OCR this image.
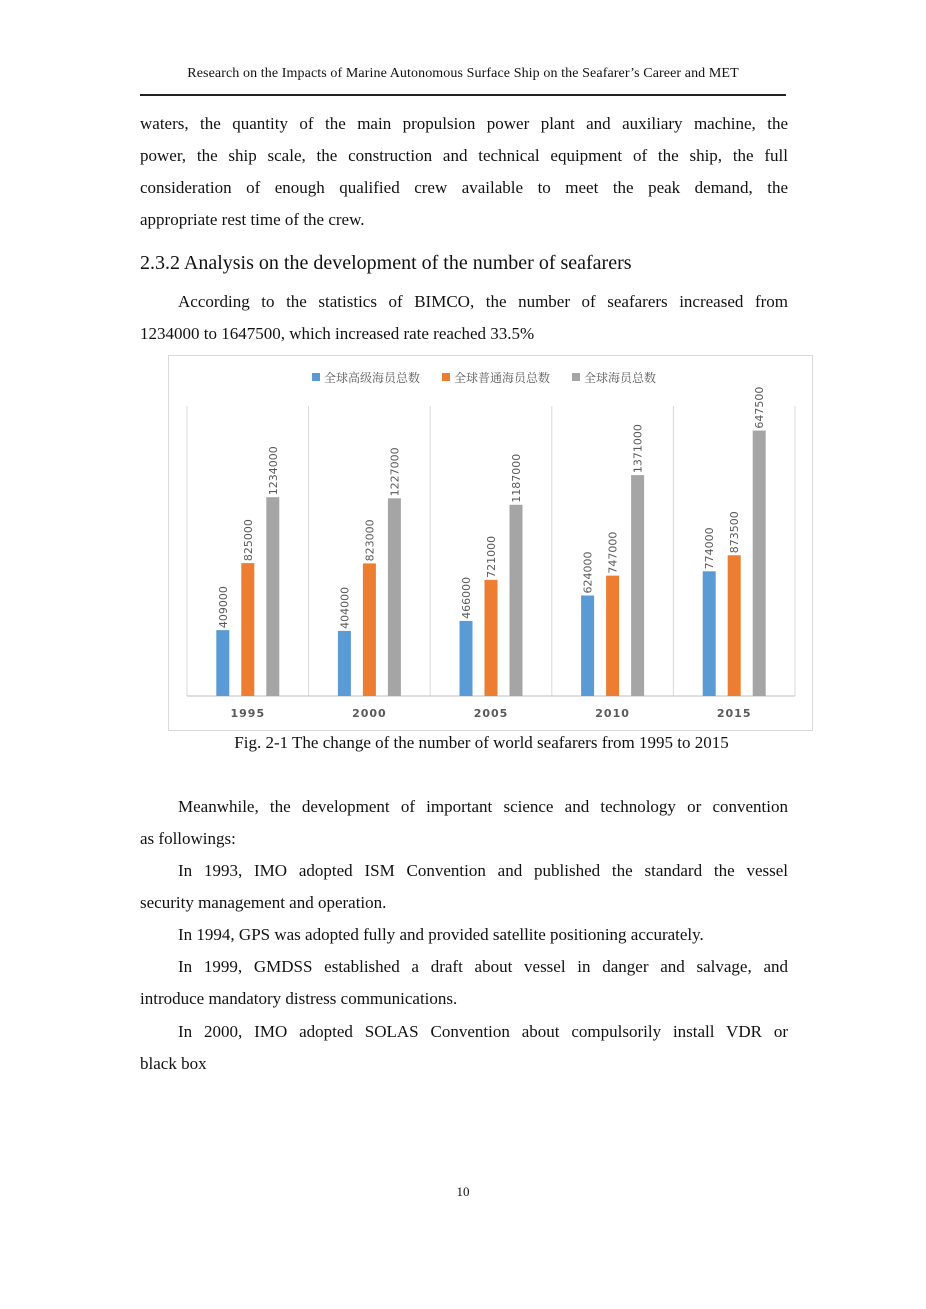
Research on the Impacts of Marine Autonomous Surface Ship on the Seafarer’s Career and MET
waters, the quantity of the main propulsion power plant and auxiliary machine, the
power, the ship scale, the construction and technical equipment of the ship, the full
consideration of enough qualified crew available to meet the peak demand, the
appropriate rest time of the crew.
2.3.2 Analysis on the development of the number of seafarers
According to the statistics of BIMCO, the number of seafarers increased from
1234000 to 1647500, which increased rate reached 33.5%
全球高级海员总数	全球普通海员总数	全球海员总数
409000
825000
1234000
1995
404000
823000
1227000
2000
466000
721000
1187000
2005
624000 747000
1371000
2010
774000 873500
647500
2015
Fig. 2-1 The change of the number of world seafarers from 1995 to 2015
Meanwhile, the development of important science and technology or convention
as followings:
In 1993, IMO adopted ISM Convention and published the standard the vessel
security management and operation.
In 1994, GPS was adopted fully and provided satellite positioning accurately.
In 1999, GMDSS established a draft about vessel in danger and salvage, and
introduce mandatory distress communications.
In 2000, IMO adopted SOLAS Convention about compulsorily install VDR or
black box
10
